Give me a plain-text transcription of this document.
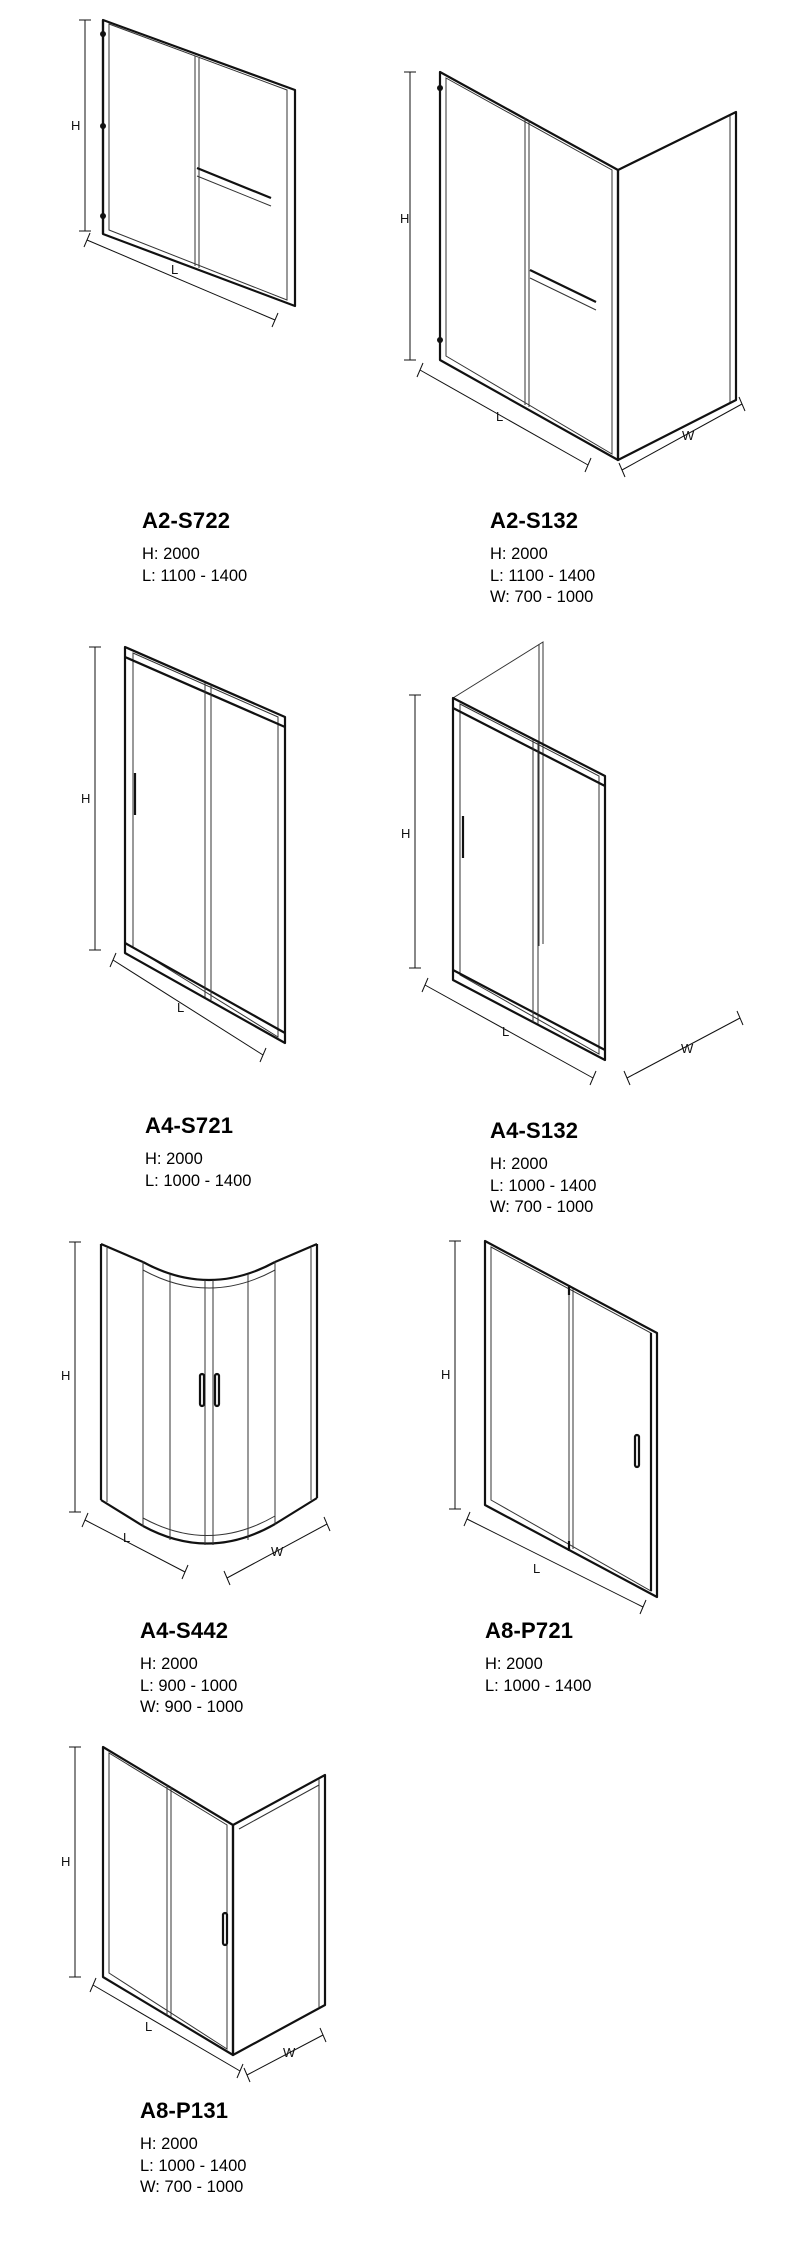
H
L

A2-S722

H: 2000

L: 1100 - 1400

H
L
W

A2-S132

H: 2000

L: 1100 - 1400

W: 700 - 1000

H
L

A4-S721

H: 2000

L: 1000 - 1400

H
L
W

A4-S132

H: 2000

L: 1000 - 1400

W: 700 - 1000

H
L
W

A4-S442

H: 2000

L: 900 - 1000

W: 900 - 1000

H
L

A8-P721

H: 2000

L: 1000 - 1400

H
L
W

A8-P131

H: 2000

L: 1000 - 1400

W: 700 - 1000
